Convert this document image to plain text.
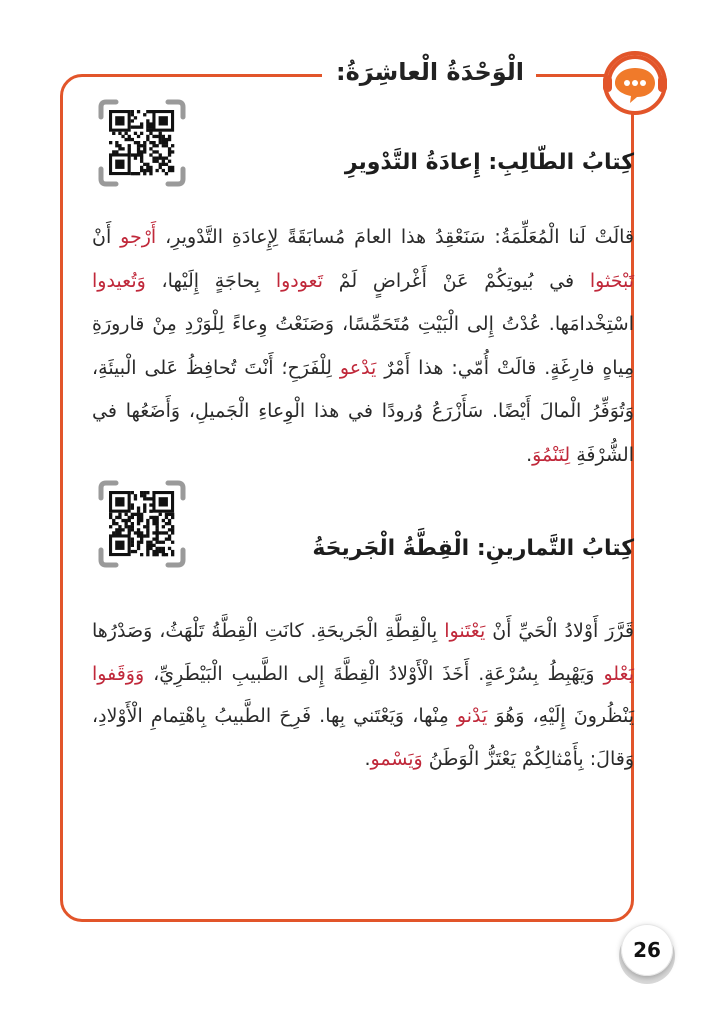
الْوَحْدَةُ الْعاشِرَةُ:
كِتابُ الطّالِبِ: إِعادَةُ التَّدْويرِ
قالَتْ لَنا الْمُعَلِّمَةُ: سَنَعْقِدُ هذا العامَ مُسابَقَةً لِإِعادَةِ التَّدْويرِ، أَرْجو أَنْ تَبْحَثوا في بُيوتِكُمْ عَنْ أَغْراضٍ لَمْ تَعودوا بِحاجَةٍ إِلَيْها، وَتُعيدوا اسْتِخْدامَها. عُدْتُ إِلى الْبَيْتِ مُتَحَمِّسًا، وَصَنَعْتُ وِعاءً لِلْوَرْدِ مِنْ قارورَةِ مِياهٍ فارِغَةٍ. قالَتْ أُمّي: هذا أَمْرٌ يَدْعو لِلْفَرَحِ؛ أَنْتَ تُحافِظُ عَلى الْبيئَةِ، وَتُوَفِّرُ الْمالَ أَيْضًا. سَأَزْرَعُ وُرودًا في هذا الْوِعاءِ الْجَميلِ، وَأَضَعُها في الشُّرْفَةِ لِتَنْمُوَ.
كِتابُ التَّمارينِ: الْقِطَّةُ الْجَريحَةُ
قَرَّرَ أَوْلادُ الْحَيِّ أَنْ يَعْتَنوا بِالْقِطَّةِ الْجَريحَةِ. كانَتِ الْقِطَّةُ تَلْهَثُ، وَصَدْرُها يَعْلو وَيَهْبِطُ بِسُرْعَةٍ. أَخَذَ الْأَوْلادُ الْقِطَّةَ إِلى الطَّبيبِ الْبَيْطَرِيِّ، وَوَقَفوا يَنْظُرونَ إِلَيْهِ، وَهُوَ يَدْنو مِنْها، وَيَعْتَني بِها. فَرِحَ الطَّبيبُ بِاهْتِمامِ الْأَوْلادِ، وَقالَ: بِأَمْثالِكُمْ يَعْتَزُّ الْوَطَنُ وَيَسْمو.
26
